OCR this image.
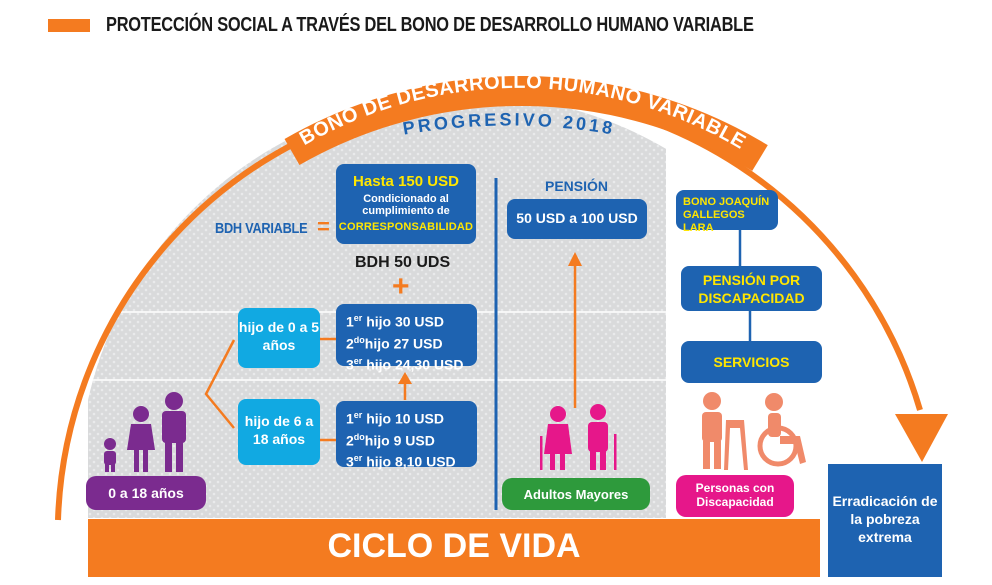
PROTECCIÓN SOCIAL A TRAVÉS DEL BONO DE DESARROLLO HUMANO VARIABLE
BONO DE DESARROLLO HUMANO VARIABLE
PROGRESIVO 2018
BDH VARIABLE =
Hasta 150 USD
Condicionado al cumplimiento de
CORRESPONSABILIDAD
BDH 50 UDS
+
hijo de 0 a 5 años
hijo de 6 a 18 años
1er hijo 30 USD
$2^{do}hijo$ 27 USD
3er hijo 24,30 USD
1er hijo 10 USD
$2^{do}hijo$ 9 USD
3er hijo 8,10 USD
PENSIÓN
50 USD a 100 USD
BONO JOAQUÍN GALLEGOS LARA
PENSIÓN POR DISCAPACIDAD
SERVICIOS
0 a 18 años	Adultos Mayores	Personas con Discapacidad
CICLO DE VIDA
Erradicación de la pobreza extrema
